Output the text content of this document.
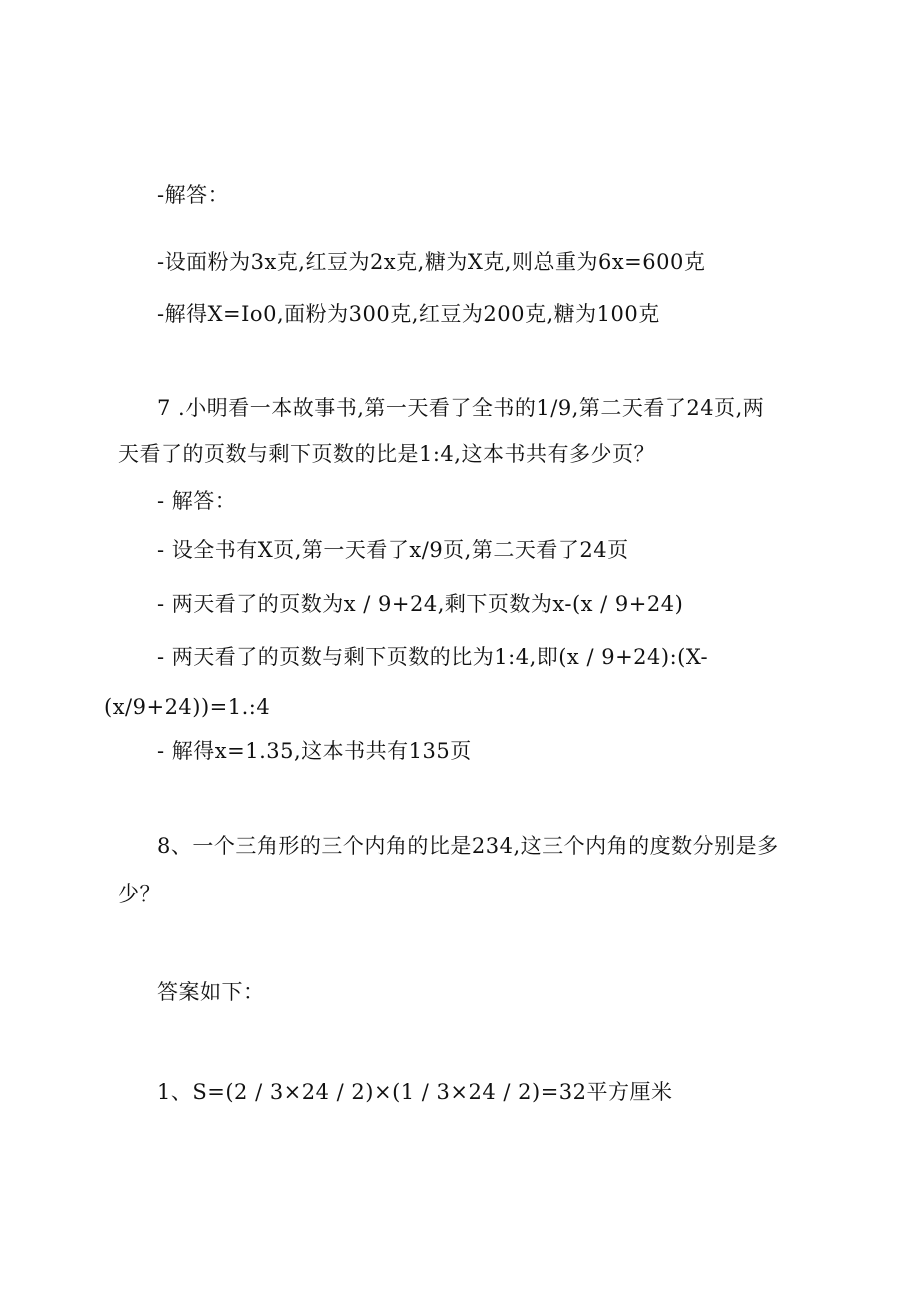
-解答：
-设面粉为3x克,红豆为2x克,糖为X克,则总重为6x=600克
-解得X=Io0,面粉为300克,红豆为200克,糖为100克
7 .小明看一本故事书,第一天看了全书的1/9,第二天看了24页,两
天看了的页数与剩下页数的比是1:4,这本书共有多少页？
- 解答：
- 设全书有X页,第一天看了x/9页,第二天看了24页
- 两天看了的页数为x / 9+24,剩下页数为x-(x / 9+24)
- 两天看了的页数与剩下页数的比为1:4,即(x / 9+24):(X-
(x/9+24))=1.:4
- 解得x=1.35,这本书共有135页
8、一个三角形的三个内角的比是234,这三个内角的度数分别是多
少？
答案如下：
1、S=(2 / 3×24 / 2)×(1 / 3×24 / 2)=32平方厘米
